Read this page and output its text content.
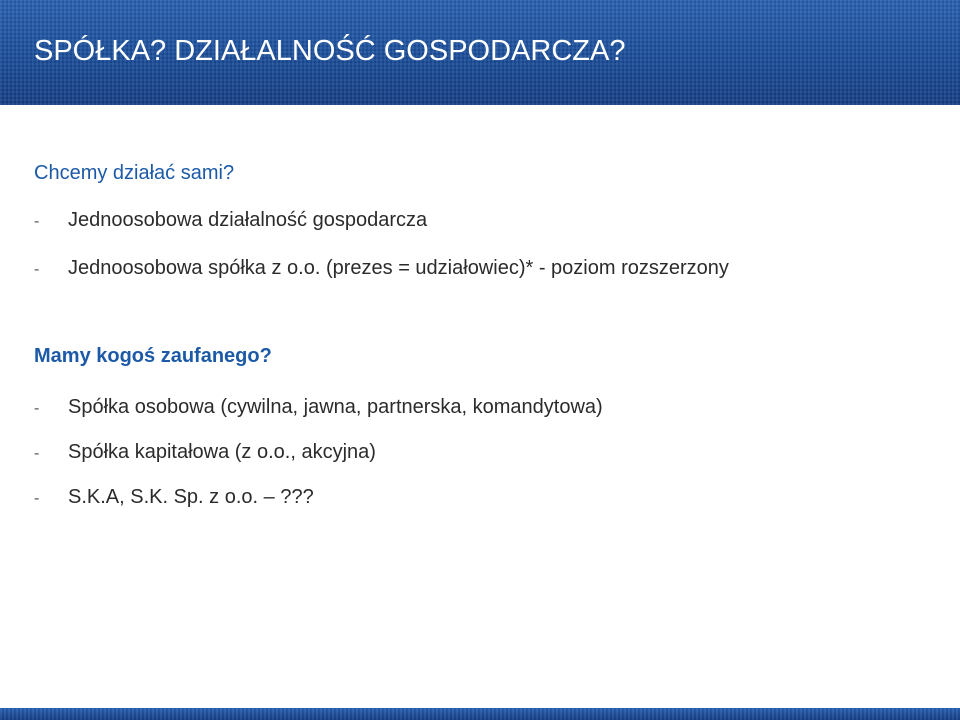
SPÓŁKA? DZIAŁALNOŚĆ GOSPODARCZA?
Chcemy działać sami?
- Jednoosobowa działalność gospodarcza
- Jednoosobowa spółka z o.o. (prezes = udziałowiec)* - poziom rozszerzony
Mamy kogoś zaufanego?
- Spółka osobowa (cywilna, jawna, partnerska, komandytowa)
- Spółka kapitałowa (z o.o., akcyjna)
- S.K.A, S.K. Sp. z o.o. – ???
